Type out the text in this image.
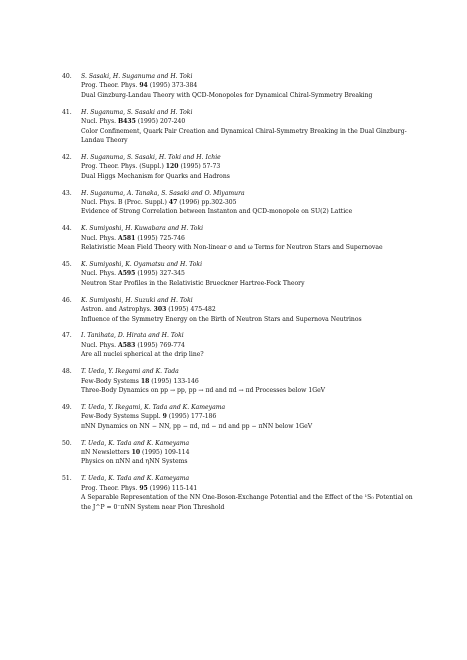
40. S. Sasaki, H. Suganuma and H. Toki
Prog. Theor. Phys. 94 (1995) 373-384
Dual Ginzburg-Landau Theory with QCD-Monopoles for Dynamical Chiral-Symmetry Breaking
41. H. Suganuma, S. Sasaki and H. Toki
Nucl. Phys. B435 (1995) 207-240
Color Confinement, Quark Pair Creation and Dynamical Chiral-Symmetry Breaking in the Dual Ginzburg-Landau Theory
42. H. Suganuma, S. Sasaki, H. Toki and H. Ichie
Prog. Theor. Phys. (Suppl.) 120 (1995) 57-73
Dual Higgs Mechanism for Quarks and Hadrons
43. H. Suganuma, A. Tanaka, S. Sasaki and O. Miyamura
Nucl. Phys. B (Proc. Suppl.) 47 (1996) pp.302-305
Evidence of Strong Correlation between Instanton and QCD-monopole on SU(2) Lattice
44. K. Sumiyoshi, H. Kuwabara and H. Toki
Nucl. Phys. A581 (1995) 725-746
Relativistic Mean Field Theory with Non-linear σ and ω Terms for Neutron Stars and Supernovae
45. K. Sumiyoshi, K. Oyamatsu and H. Toki
Nucl. Phys. A595 (1995) 327-345
Neutron Star Profiles in the Relativistic Brueckner Hartree-Fock Theory
46. K. Sumiyoshi, H. Suzuki and H. Toki
Astron. and Astrophys. 303 (1995) 475-482
Influence of the Symmetry Energy on the Birth of Neutron Stars and Supernova Neutrinos
47. I. Tanihata, D. Hirata and H. Toki
Nucl. Phys. A583 (1995) 769-774
Are all nuclei spherical at the drip line?
48. T. Ueda, Y. Ikegami and K. Tada
Few-Body Systems 18 (1995) 133-146
Three-Body Dynamics on pp → pp, pp → πd and πd → πd Processes below 1GeV
49. T. Ueda, Y. Ikegami, K. Tada and K. Kameyama
Few-Body Systems Suppl. 9 (1995) 177-186
πNN Dynamics on NN − NN, pp − πd, πd − πd and pp − πNN below 1GeV
50. T. Ueda, K. Tada and K. Kameyama
πN Newsletters 10 (1995) 109-114
Physics on πNN and ηNN Systems
51. T. Ueda, K. Tada and K. Kameyama
Prog. Theor. Phys. 95 (1996) 115-141
A Separable Representation of the NN One-Boson-Exchange Potential and the Effect of the ¹S₀ Potential on the J^P = 0⁻πNN System near Pion Threshold
